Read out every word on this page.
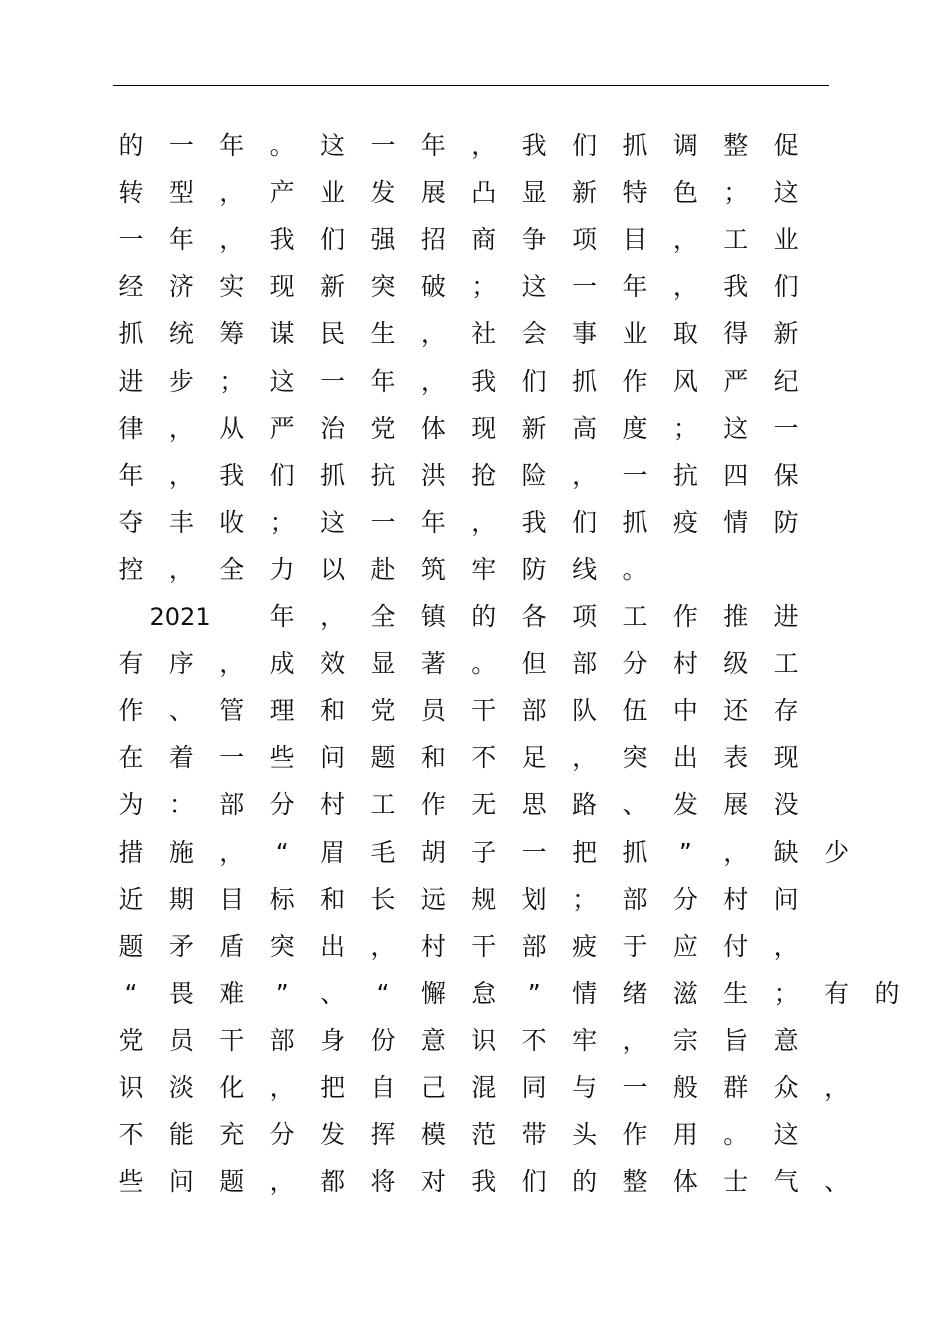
的 一 年 。 这 一 年 ， 我 们 抓 调 整 促
转 型 ， 产 业 发 展 凸 显 新 特 色 ； 这
一 年 ， 我 们 强 招 商 争 项 目 ， 工 业
经 济 实 现 新 突 破 ； 这 一 年 ， 我 们
抓 统 筹 谋 民 生 ， 社 会 事 业 取 得 新
进 步 ； 这 一 年 ， 我 们 抓 作 风 严 纪
律 ， 从 严 治 党 体 现 新 高 度 ； 这 一
年 ， 我 们 抓 抗 洪 抢 险 ， 一 抗 四 保
夺 丰 收 ； 这 一 年 ， 我 们 抓 疫 情 防
控 ， 全 力 以 赴 筑 牢 防 线 。
2021 年 ， 全 镇 的 各 项 工 作 推 进
有 序 ， 成 效 显 著 。 但 部 分 村 级 工
作 、 管 理 和 党 员 干 部 队 伍 中 还 存
在 着 一 些 问 题 和 不 足 ， 突 出 表 现
为 ： 部 分 村 工 作 无 思 路 、 发 展 没
措 施 ，	“	眉 毛 胡 子 一 把 抓	”	， 缺 少
近 期 目 标 和 长 远 规 划 ； 部 分 村 问
题 矛 盾 突 出 ， 村 干 部 疲 于 应 付 ，
“	畏 难	”	、	“	懈 怠	”	情 绪 滋 生 ； 有 的
党 员 干 部 身 份 意 识 不 牢 ， 宗 旨 意
识 淡 化 ， 把 自 己 混 同 与 一 般 群 众 ，
不 能 充 分 发 挥 模 范 带 头 作 用 。 这
些 问 题 ， 都 将 对 我 们 的 整 体 士 气 、
